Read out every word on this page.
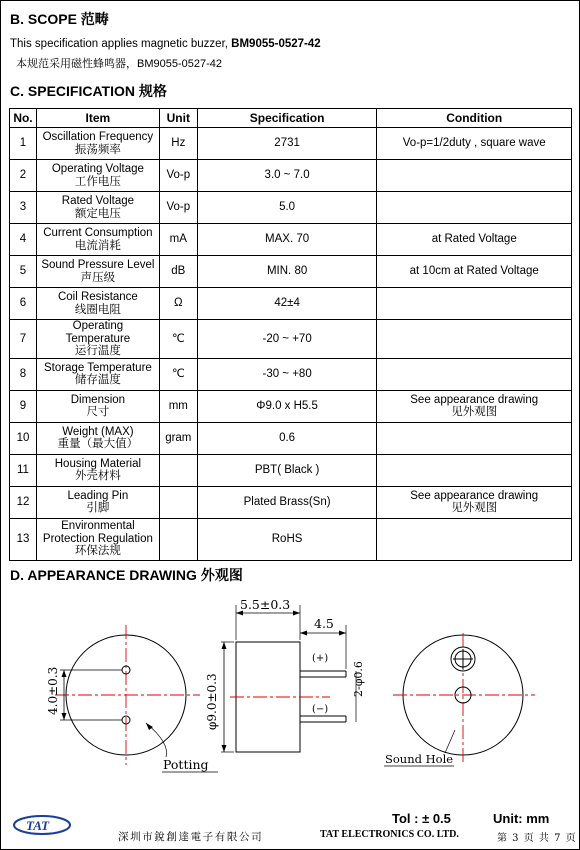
B. SCOPE 范畴
This specification applies magnetic buzzer, BM9055-0527-42
本规范采用磁性蜂鸣器，BM9055-0527-42
C. SPECIFICATION 规格
No.	Item	Unit	Specification	Condition

1	Oscillation Frequency
振荡频率	Hz	2731	Vo-p=1/2duty , square wave

2	Operating Voltage
工作电压	Vo-p	3.0 ~ 7.0	

3	Rated Voltage
额定电压	Vo-p	5.0	

4	Current Consumption
电流消耗	mA	MAX. 70	at Rated Voltage

5	Sound Pressure Level
声压级	dB	MIN. 80	at 10cm at Rated Voltage

6	Coil Resistance
线圈电阻	Ω	42±4	

7	Operating Temperature
运行温度	℃	-20 ~ +70	

8	Storage Temperature
储存温度	℃	-30 ~ +80	

9	Dimension
尺寸	mm	Φ9.0 x H5.5	See appearance drawing
见外观图

10	Weight (MAX)
重量（最大值）	gram	0.6	

11	Housing Material
外壳材料		PBT( Black )	

12	Leading Pin
引脚		Plated Brass(Sn)	See appearance drawing
见外观图

13	Environmental
Protection Regulation
环保法规		RoHS	

D. APPEARANCE DRAWING 外观图
4.0±0.3
Potting
(+)
(−)
5.5±0.3
4.5
φ9.0±0.3	2-φ0.6
Sound Hole
Tol : ± 0.5	Unit: mm
TAT
深圳市銳創達電子有限公司	TAT ELECTRONICS CO. LTD.	第 3 页 共 7 页
